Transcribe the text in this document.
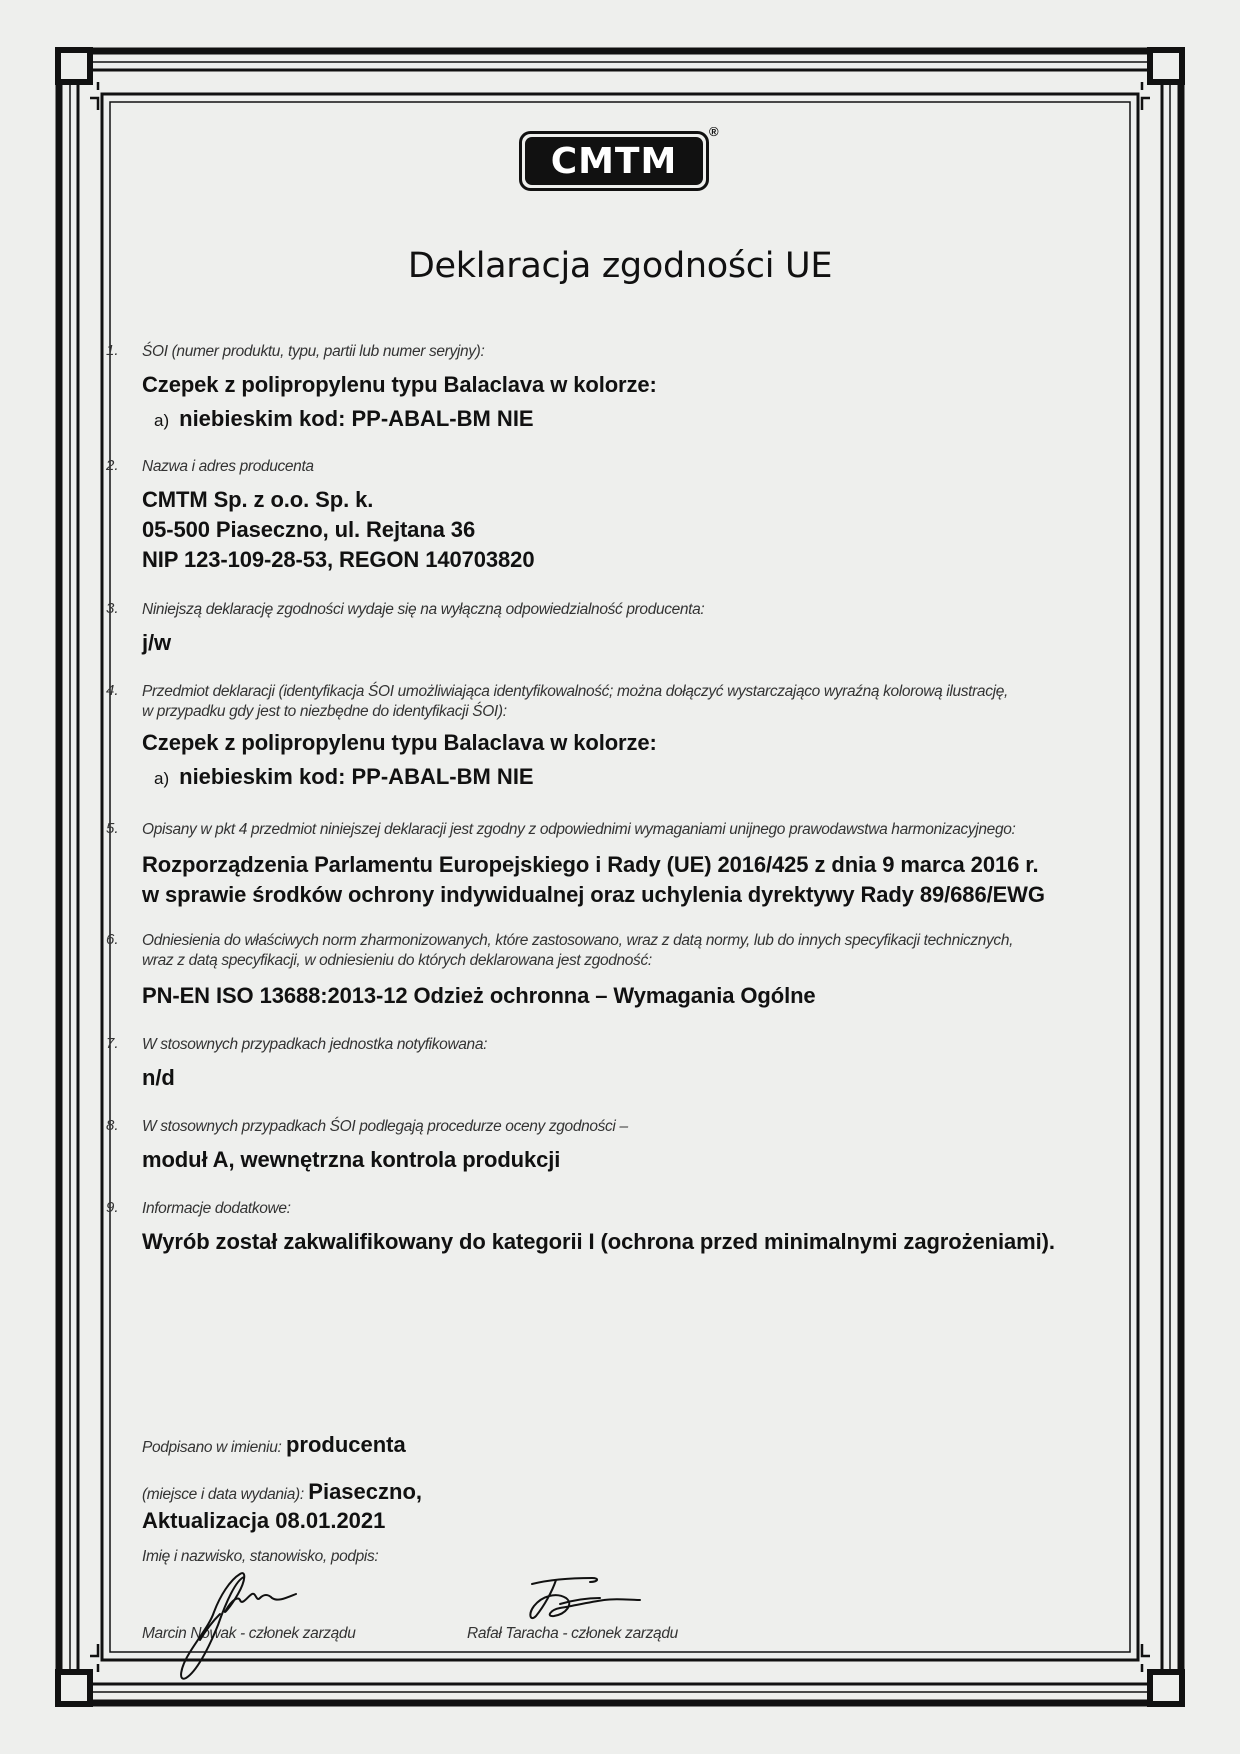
CMTM
®
Deklaracja zgodności UE
1. ŚOI (numer produktu, typu, partii lub numer seryjny):
Czepek z polipropylenu typu Balaclava w kolorze:
a) niebieskim kod: PP-ABAL-BM NIE
2. Nazwa i adres producenta
CMTM Sp. z o.o. Sp. k.
05-500 Piaseczno, ul. Rejtana 36
NIP 123-109-28-53, REGON 140703820
3. Niniejszą deklarację zgodności wydaje się na wyłączną odpowiedzialność producenta:
j/w
4. Przedmiot deklaracji (identyfikacja ŚOI umożliwiająca identyfikowalność; można dołączyć wystarczająco wyraźną kolorową ilustrację,
w przypadku gdy jest to niezbędne do identyfikacji ŚOI):
Czepek z polipropylenu typu Balaclava w kolorze:
a) niebieskim kod: PP-ABAL-BM NIE
5. Opisany w pkt 4 przedmiot niniejszej deklaracji jest zgodny z odpowiednimi wymaganiami unijnego prawodawstwa harmonizacyjnego:
Rozporządzenia Parlamentu Europejskiego i Rady (UE) 2016/425 z dnia 9 marca 2016 r.
w sprawie środków ochrony indywidualnej oraz uchylenia dyrektywy Rady 89/686/EWG
6. Odniesienia do właściwych norm zharmonizowanych, które zastosowano, wraz z datą normy, lub do innych specyfikacji technicznych,
wraz z datą specyfikacji, w odniesieniu do których deklarowana jest zgodność:
PN-EN ISO 13688:2013-12 Odzież ochronna – Wymagania Ogólne
7. W stosownych przypadkach jednostka notyfikowana:
n/d
8. W stosownych przypadkach ŚOI podlegają procedurze oceny zgodności –
moduł A, wewnętrzna kontrola produkcji
9. Informacje dodatkowe:
Wyrób został zakwalifikowany do kategorii I (ochrona przed minimalnymi zagrożeniami).
Podpisano w imieniu: producenta
(miejsce i data wydania): Piaseczno,
Aktualizacja 08.01.2021
Imię i nazwisko, stanowisko, podpis:
Marcin Nowak - członek zarządu	Rafał Taracha - członek zarządu
